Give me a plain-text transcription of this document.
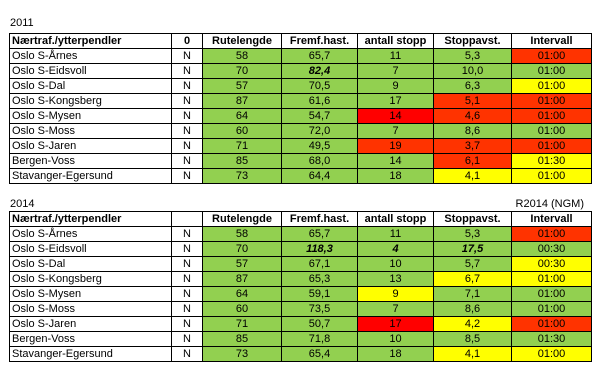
2011
Nærtraf./ytterpendler	0	Rutelengde	Fremf.hast.	antall stopp	Stoppavst.	Intervall
Oslo S-Årnes	N	58	65,7	11	5,3	01:00
Oslo S-Eidsvoll	N	70	82,4	7	10,0	01:00
Oslo S-Dal	N	57	70,5	9	6,3	01:00
Oslo S-Kongsberg	N	87	61,6	17	5,1	01:00
Oslo S-Mysen	N	64	54,7	14	4,6	01:00
Oslo S-Moss	N	60	72,0	7	8,6	01:00
Oslo S-Jaren	N	71	49,5	19	3,7	01:00
Bergen-Voss	N	85	68,0	14	6,1	01:30
Stavanger-Egersund	N	73	64,4	18	4,1	01:00
2014	R2014 (NGM)
Nærtraf./ytterpendler		Rutelengde	Fremf.hast.	antall stopp	Stoppavst.	Intervall
Oslo S-Årnes	N	58	65,7	11	5,3	01:00
Oslo S-Eidsvoll	N	70	118,3	4	17,5	00:30
Oslo S-Dal	N	57	67,1	10	5,7	00:30
Oslo S-Kongsberg	N	87	65,3	13	6,7	01:00
Oslo S-Mysen	N	64	59,1	9	7,1	01:00
Oslo S-Moss	N	60	73,5	7	8,6	01:00
Oslo S-Jaren	N	71	50,7	17	4,2	01:00
Bergen-Voss	N	85	71,8	10	8,5	01:30
Stavanger-Egersund	N	73	65,4	18	4,1	01:00
